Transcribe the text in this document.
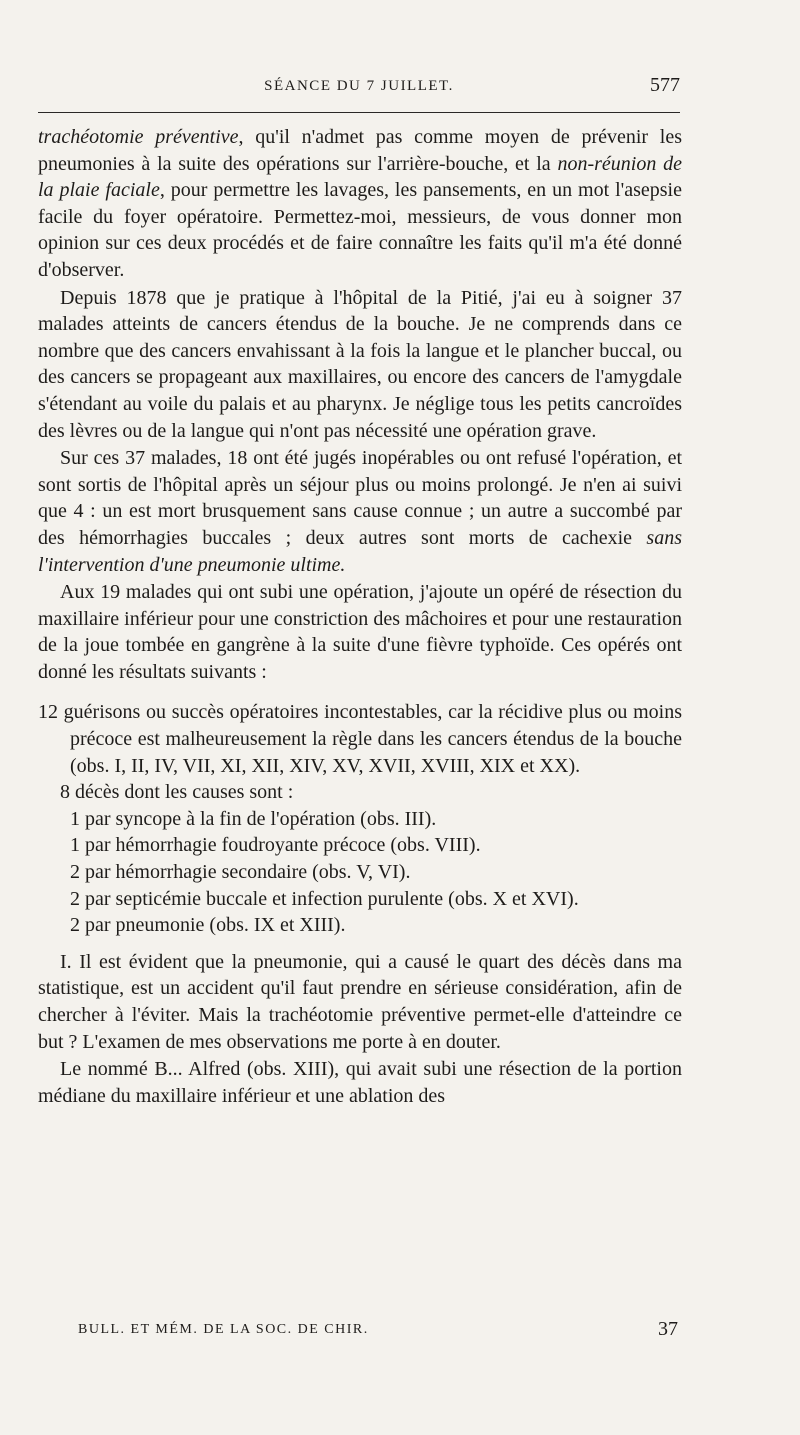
SÉANCE DU 7 JUILLET.	577

trachéotomie préventive, qu'il n'admet pas comme moyen de prévenir les pneumonies à la suite des opérations sur l'arrière-bouche, et la non-réunion de la plaie faciale, pour permettre les lavages, les pansements, en un mot l'asepsie facile du foyer opératoire. Permettez-moi, messieurs, de vous donner mon opinion sur ces deux procédés et de faire connaître les faits qu'il m'a été donné d'observer.

Depuis 1878 que je pratique à l'hôpital de la Pitié, j'ai eu à soigner 37 malades atteints de cancers étendus de la bouche. Je ne comprends dans ce nombre que des cancers envahissant à la fois la langue et le plancher buccal, ou des cancers se propageant aux maxillaires, ou encore des cancers de l'amygdale s'étendant au voile du palais et au pharynx. Je néglige tous les petits cancroïdes des lèvres ou de la langue qui n'ont pas nécessité une opération grave.

Sur ces 37 malades, 18 ont été jugés inopérables ou ont refusé l'opération, et sont sortis de l'hôpital après un séjour plus ou moins prolongé. Je n'en ai suivi que 4 : un est mort brusquement sans cause connue ; un autre a succombé par des hémorrhagies buccales ; deux autres sont morts de cachexie sans l'intervention d'une pneumonie ultime.

Aux 19 malades qui ont subi une opération, j'ajoute un opéré de résection du maxillaire inférieur pour une constriction des mâchoires et pour une restauration de la joue tombée en gangrène à la suite d'une fièvre typhoïde. Ces opérés ont donné les résultats suivants :

12 guérisons ou succès opératoires incontestables, car la récidive plus ou moins précoce est malheureusement la règle dans les cancers étendus de la bouche (obs. I, II, IV, VII, XI, XII, XIV, XV, XVII, XVIII, XIX et XX).
8 décès dont les causes sont :
1 par syncope à la fin de l'opération (obs. III).
1 par hémorrhagie foudroyante précoce (obs. VIII).
2 par hémorrhagie secondaire (obs. V, VI).
2 par septicémie buccale et infection purulente (obs. X et XVI).
2 par pneumonie (obs. IX et XIII).

I. Il est évident que la pneumonie, qui a causé le quart des décès dans ma statistique, est un accident qu'il faut prendre en sérieuse considération, afin de chercher à l'éviter. Mais la trachéotomie préventive permet-elle d'atteindre ce but ? L'examen de mes observations me porte à en douter.

Le nommé B... Alfred (obs. XIII), qui avait subi une résection de la portion médiane du maxillaire inférieur et une ablation des

BULL. ET MÉM. DE LA SOC. DE CHIR.	37
